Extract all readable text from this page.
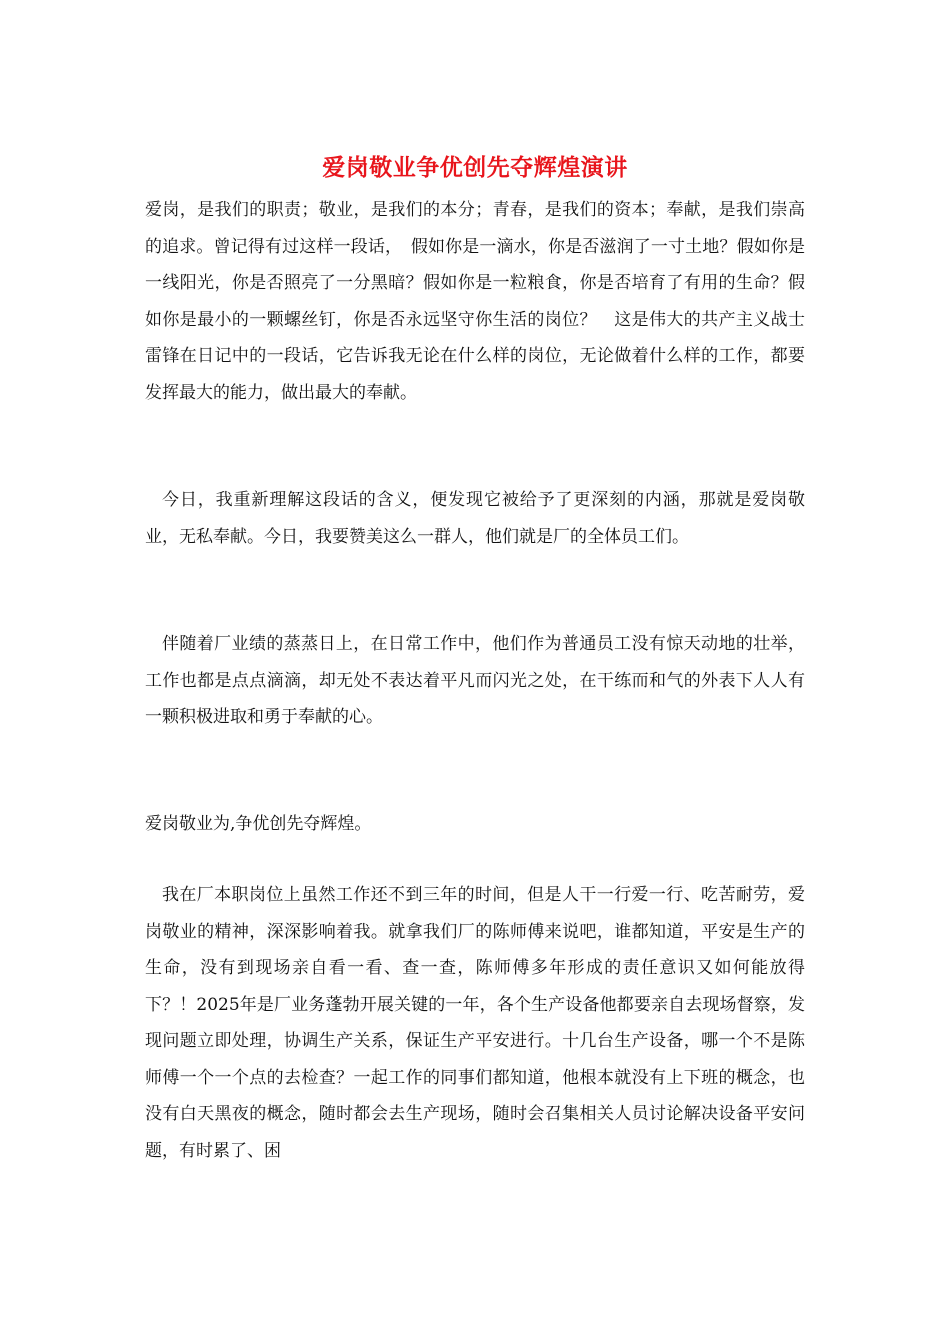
爱岗敬业争优创先夺辉煌演讲

爱岗，是我们的职责；敬业，是我们的本分；青春，是我们的资本；奉献，是我们崇高的追求。曾记得有过这样一段话，　假如你是一滴水，你是否滋润了一寸土地？假如你是一线阳光，你是否照亮了一分黑暗？假如你是一粒粮食，你是否培育了有用的生命？假如你是最小的一颗螺丝钉，你是否永远坚守你生活的岗位？　这是伟大的共产主义战士雷锋在日记中的一段话，它告诉我无论在什么样的岗位，无论做着什么样的工作，都要发挥最大的能力，做出最大的奉献。

今日，我重新理解这段话的含义，便发现它被给予了更深刻的内涵，那就是爱岗敬业，无私奉献。今日，我要赞美这么一群人，他们就是厂的全体员工们。

伴随着厂业绩的蒸蒸日上，在日常工作中，他们作为普通员工没有惊天动地的壮举，工作也都是点点滴滴，却无处不表达着平凡而闪光之处，在干练而和气的外表下人人有一颗积极进取和勇于奉献的心。

爱岗敬业为,争优创先夺辉煌。

我在厂本职岗位上虽然工作还不到三年的时间，但是人干一行爱一行、吃苦耐劳，爱岗敬业的精神，深深影响着我。就拿我们厂的陈师傅来说吧，谁都知道，平安是生产的生命，没有到现场亲自看一看、查一查，陈师傅多年形成的责任意识又如何能放得下？！2025年是厂业务蓬勃开展关键的一年，各个生产设备他都要亲自去现场督察，发现问题立即处理，协调生产关系，保证生产平安进行。十几台生产设备，哪一个不是陈师傅一个一个点的去检查？一起工作的同事们都知道，他根本就没有上下班的概念，也没有白天黑夜的概念，随时都会去生产现场，随时会召集相关人员讨论解决设备平安问题，有时累了、困
